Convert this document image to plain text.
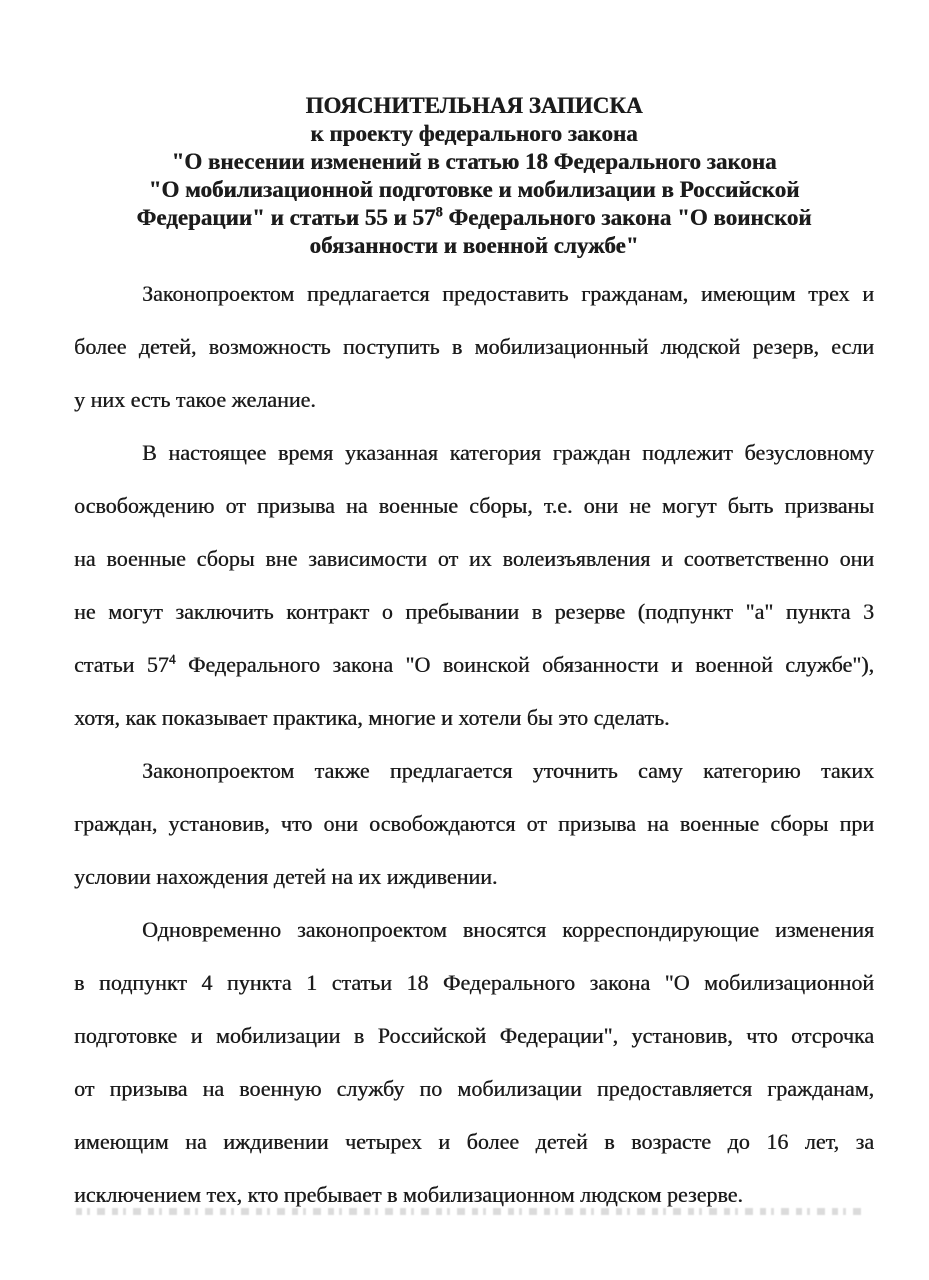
ПОЯСНИТЕЛЬНАЯ ЗАПИСКА
к проекту федерального закона
"О внесении изменений в статью 18 Федерального закона
"О мобилизационной подготовке и мобилизации в Российской
Федерации" и статьи 55 и $57^8$ Федерального закона "О воинской
обязанности и военной службе"
Законопроектом предлагается предоставить гражданам, имеющим трех и
более детей, возможность поступить в мобилизационный людской резерв, если
у них есть такое желание.
В настоящее время указанная категория граждан подлежит безусловному
освобождению от призыва на военные сборы, т.е. они не могут быть призваны
на военные сборы вне зависимости от их волеизъявления и соответственно они
не могут заключить контракт о пребывании в резерве (подпункт "а" пункта 3
статьи $57^4$ Федерального закона "О воинской обязанности и военной службе"),
хотя, как показывает практика, многие и хотели бы это сделать.
Законопроектом также предлагается уточнить саму категорию таких
граждан, установив, что они освобождаются от призыва на военные сборы при
условии нахождения детей на их иждивении.
Одновременно законопроектом вносятся корреспондирующие изменения
в подпункт 4 пункта 1 статьи 18 Федерального закона "О мобилизационной
подготовке и мобилизации в Российской Федерации", установив, что отсрочка
от призыва на военную службу по мобилизации предоставляется гражданам,
имеющим на иждивении четырех и более детей в возрасте до 16 лет, за
исключением тех, кто пребывает в мобилизационном людском резерве.
